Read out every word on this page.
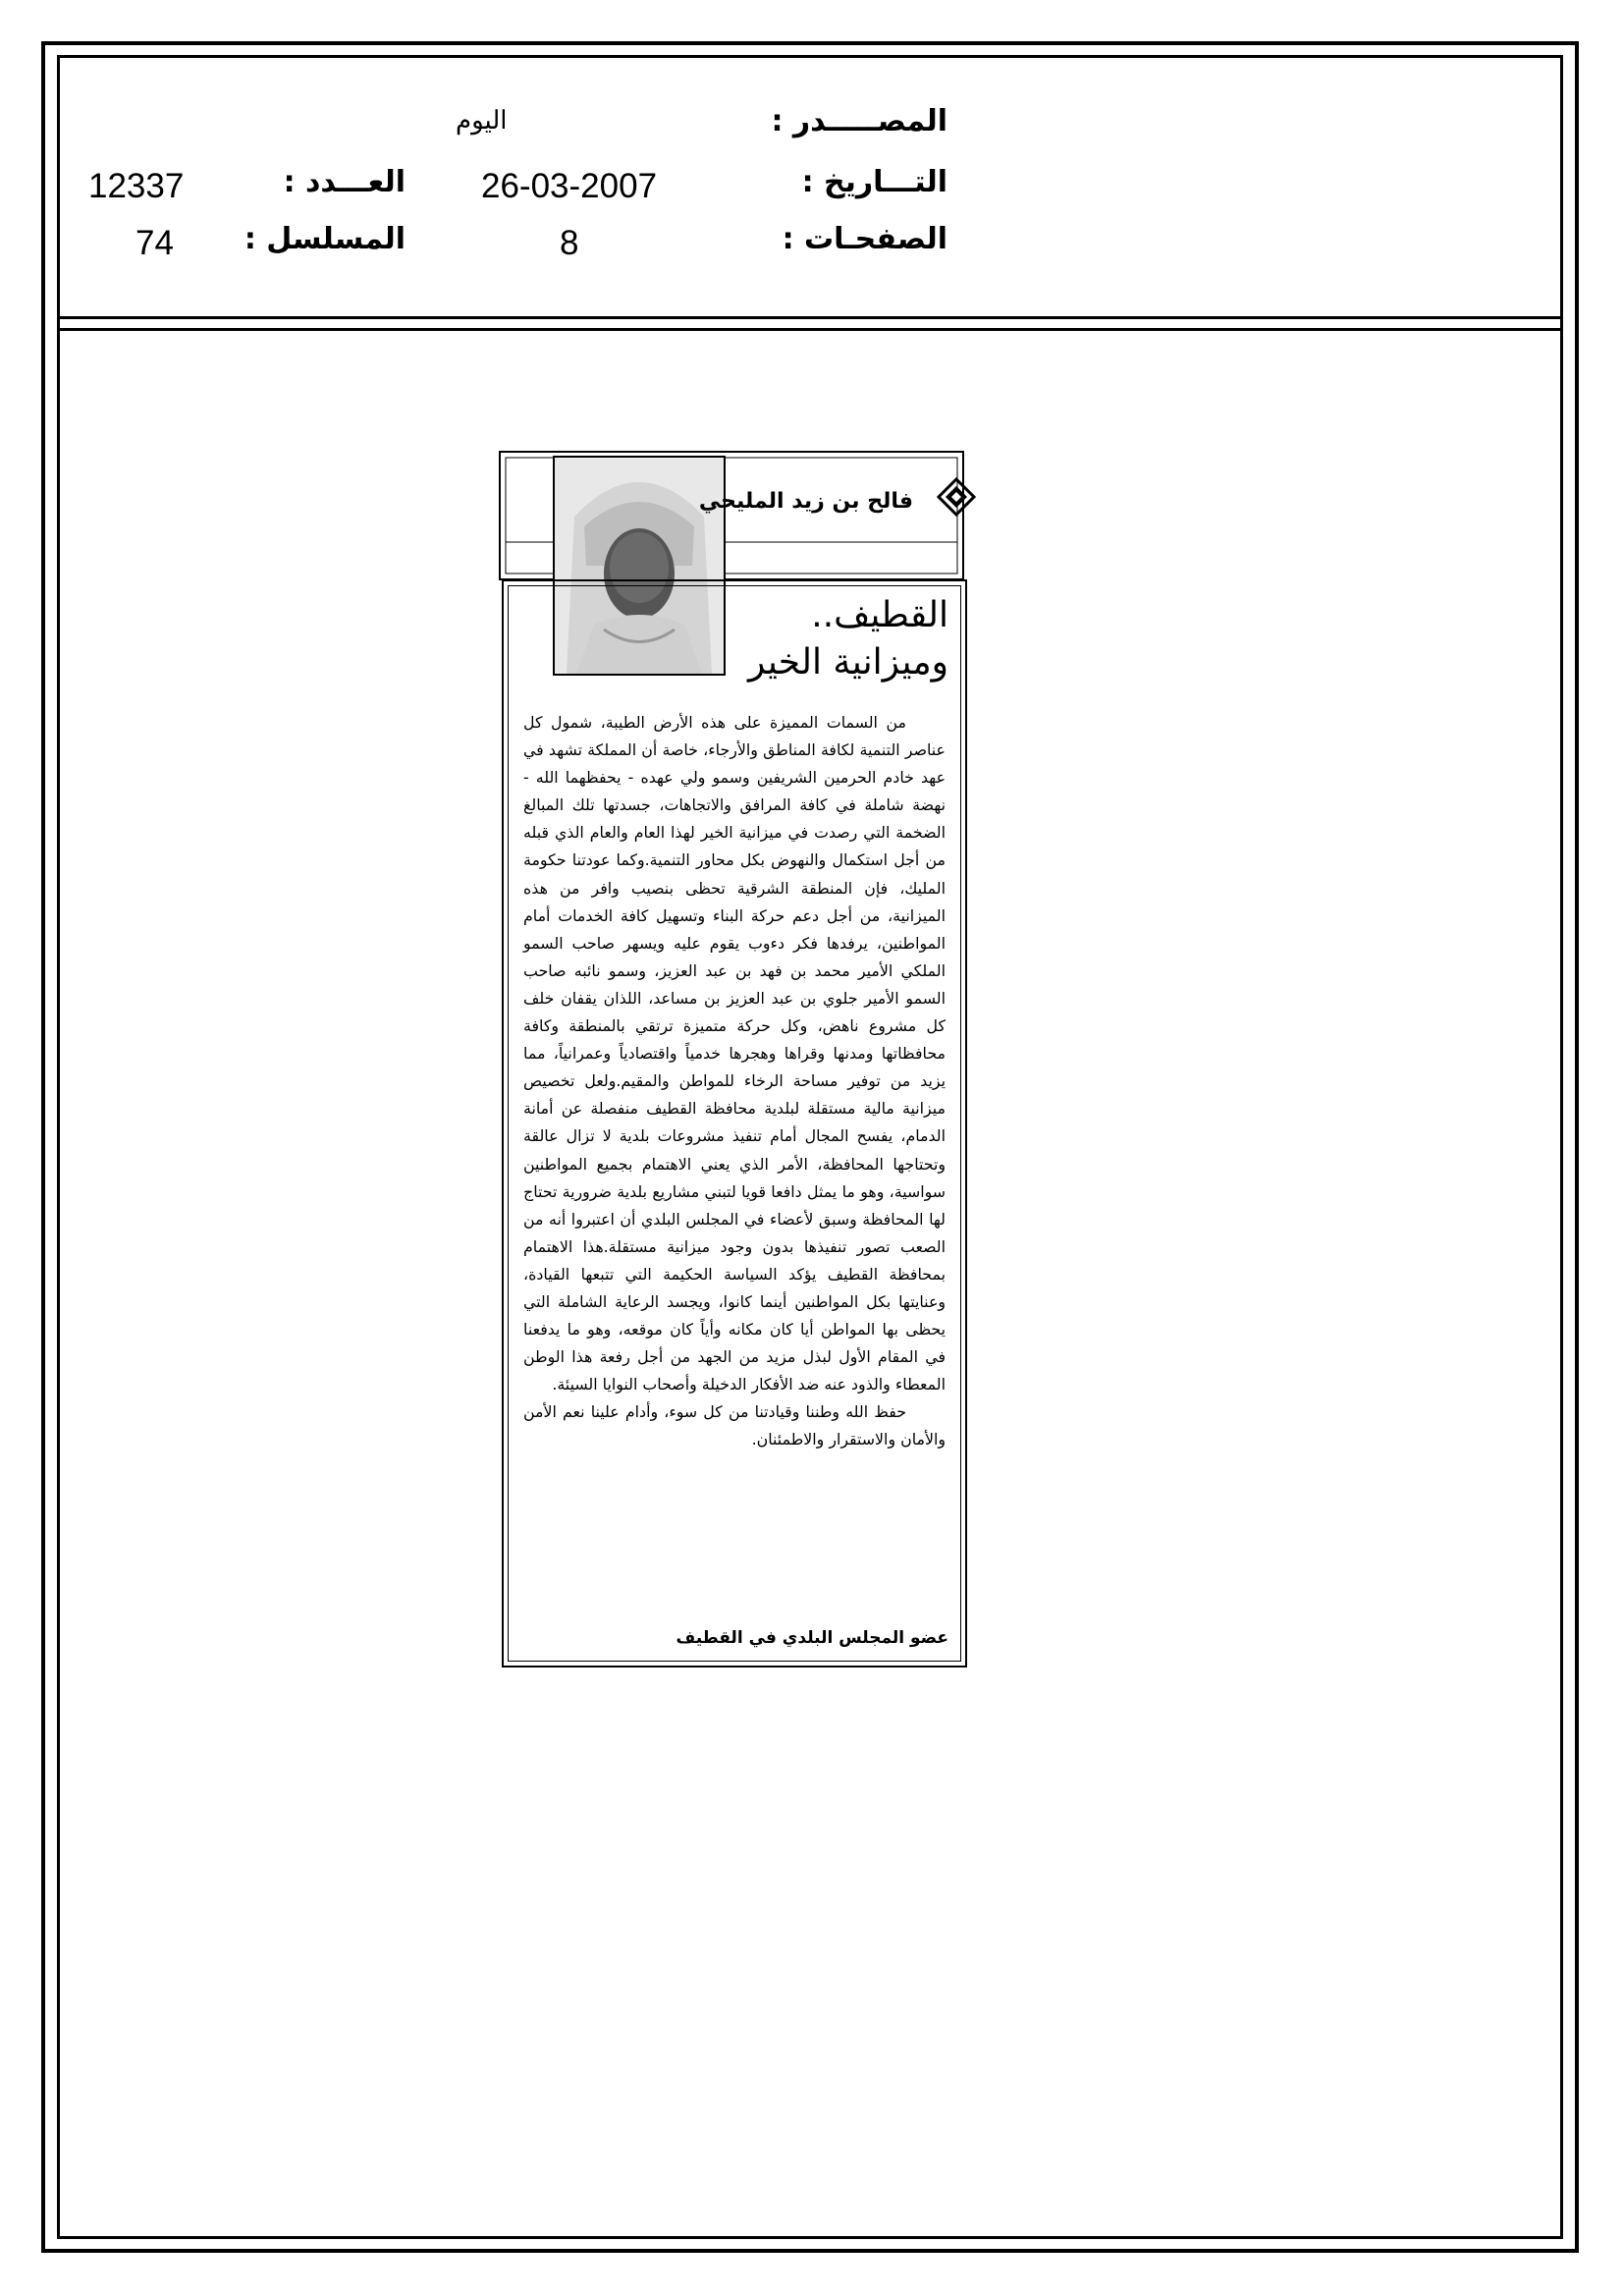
المصـــــدر :
اليوم
التـــاريخ :
26-03-2007
العـــدد :
12337
الصفحـات :
8
المسلسل :
74
فالح بن زيد المليحي
القطيف..
وميزانية الخير

من السمات المميزة على هذه الأرض الطيبة، شمول كل عناصر التنمية لكافة المناطق والأرجاء، خاصة أن المملكة تشهد في عهد خادم الحرمين الشريفين وسمو ولي عهده - يحفظهما الله - نهضة شاملة في كافة المرافق والاتجاهات، جسدتها تلك المبالغ الضخمة التي رصدت في ميزانية الخير لهذا العام والعام الذي قبله من أجل استكمال والنهوض بكل محاور التنمية.وكما عودتنا حكومة المليك، فإن المنطقة الشرقية تحظى بنصيب وافر من هذه الميزانية، من أجل دعم حركة البناء وتسهيل كافة الخدمات أمام المواطنين، يرفدها فكر دءوب يقوم عليه ويسهر صاحب السمو الملكي الأمير محمد بن فهد بن عبد العزيز، وسمو نائبه صاحب السمو الأمير جلوي بن عبد العزيز بن مساعد، اللذان يقفان خلف كل مشروع ناهض، وكل حركة متميزة ترتقي بالمنطقة وكافة محافظاتها ومدنها وقراها وهجرها خدمياً واقتصادياً وعمرانياً، مما يزيد من توفير مساحة الرخاء للمواطن والمقيم.ولعل تخصيص ميزانية مالية مستقلة لبلدية محافظة القطيف منفصلة عن أمانة الدمام، يفسح المجال أمام تنفيذ مشروعات بلدية لا تزال عالقة وتحتاجها المحافظة، الأمر الذي يعني الاهتمام بجميع المواطنين سواسية، وهو ما يمثل دافعا قويا لتبني مشاريع بلدية ضرورية تحتاج لها المحافظة وسبق لأعضاء في المجلس البلدي أن اعتبروا أنه من الصعب تصور تنفيذها بدون وجود ميزانية مستقلة.هذا الاهتمام بمحافظة القطيف يؤكد السياسة الحكيمة التي تتبعها القيادة، وعنايتها بكل المواطنين أينما كانوا، ويجسد الرعاية الشاملة التي يحظى بها المواطن أيا كان مكانه وأياً كان موقعه، وهو ما يدفعنا في المقام الأول لبذل مزيد من الجهد من أجل رفعة هذا الوطن المعطاء والذود عنه ضد الأفكار الدخيلة وأصحاب النوايا السيئة.

حفظ الله وطننا وقيادتنا من كل سوء، وأدام علينا نعم الأمن والأمان والاستقرار والاطمئنان.

عضو المجلس البلدي في القطيف
